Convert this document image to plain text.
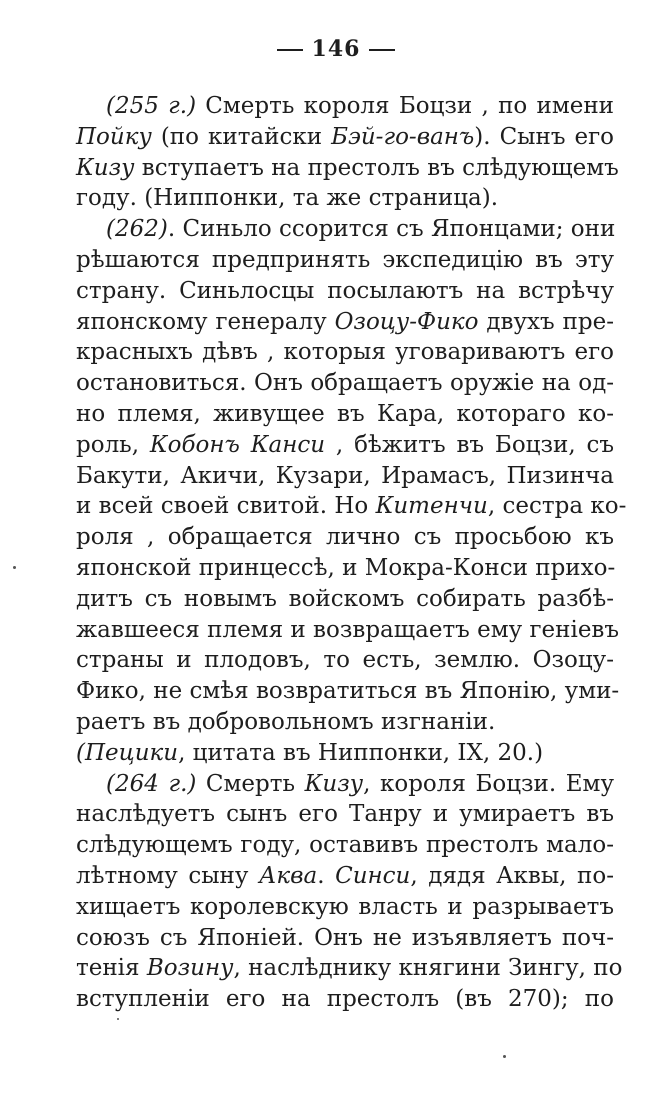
146
(255 г.) Смерть короля Боцзи , по имени
Пойку (по китайски Бэй-го-ванъ). Сынъ его
Кизу вступаетъ на престолъ въ слѣдующемъ
году. (Ниппонки, та же страница).
(262). Синьло ссорится съ Японцами; они
рѣшаются предпринять экспедицію въ эту
страну. Синьлосцы посылаютъ на встрѣчу
японскому генералу Озоцу-Фико двухъ пре-
красныхъ дѣвъ , которыя уговариваютъ его
остановиться. Онъ обращаетъ оружіе на од-
но племя, живущее въ Кара, котораго ко-
роль, Кобонъ Канси , бѣжитъ въ Боцзи, съ
Бакути, Акичи, Кузари, Ирамасъ, Пизинча
и всей своей свитой. Но Китенчи, сестра ко-
роля , обращается лично съ просьбою къ
японской принцессѣ, и Мокра-Конси прихо-
дитъ съ новымъ войскомъ собирать разбѣ-
жавшееся племя и возвращаетъ ему геніевъ
страны и плодовъ, то есть, землю. Озоцу-
Фико, не смѣя возвратиться въ Японію, уми-
раетъ въ добровольномъ изгнаніи.
(Пецики, цитата въ Ниппонки, IX, 20.)
(264 г.) Смерть Кизу, короля Боцзи. Ему
наслѣдуетъ сынъ его Танру и умираетъ въ
слѣдующемъ году, оставивъ престолъ мало-
лѣтному сыну Аква. Синси, дядя Аквы, по-
хищаетъ королевскую власть и разрываетъ
союзъ съ Японіей. Онъ не изъявляетъ поч-
тенія Возину, наслѣднику княгини Зингу, по
вступленіи его на престолъ (въ 270); по
